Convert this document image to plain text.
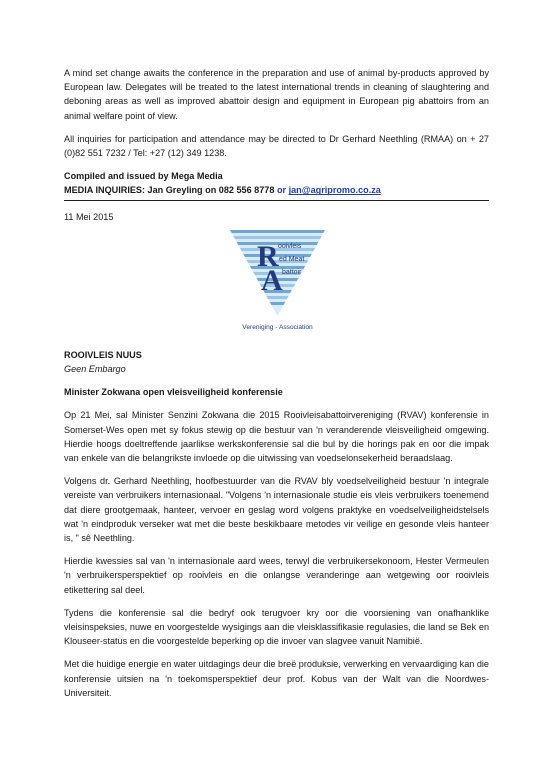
A mind set change awaits the conference in the preparation and use of animal by-products approved by European law. Delegates will be treated to the latest international trends in cleaning of slaughtering and deboning areas as well as improved abattoir design and equipment in European pig abattoirs from an animal welfare point of view.

All inquiries for participation and attendance may be directed to Dr Gerhard Neethling (RMAA) on + 27 (0)82 551 7232 / Tel: +27 (12) 349 1238.

Compiled and issued by Mega Media

MEDIA INQUIRIES: Jan Greyling on 082 556 8778 or jan@agripromo.co.za

11 Mei 2015

R
A
ooivleis
ed Meat
battoir
Vereniging - Association

ROOIVLEIS NUUS

Geen Embargo

Minister Zokwana open vleisveiligheid konferensie

Op 21 Mei, sal Minister Senzini Zokwana die 2015 Rooivleisabattoirvereniging (RVAV) konferensie in Somerset-Wes open met sy fokus stewig op die bestuur van 'n veranderende vleisveiligheid omgewing. Hierdie hoogs doeltreffende jaarlikse werkskonferensie sal die bul by die horings pak en oor die impak van enkele van die belangrikste invloede op die uitwissing van voedselonsekerheid beraadslaag.

Volgens dr. Gerhard Neethling, hoofbestuurder van die RVAV bly voedselveiligheid bestuur 'n integrale vereiste van verbruikers internasionaal. "Volgens 'n internasionale studie eis vleis verbruikers toenemend dat diere grootgemaak, hanteer, vervoer en geslag word volgens praktyke en voedselveiligheidstelsels wat 'n eindproduk verseker wat met die beste beskikbaare metodes vir veilige en gesonde vleis hanteer is, " sê Neethling.

Hierdie kwessies sal van 'n internasionale aard wees, terwyl die verbruikersekonoom, Hester Vermeulen 'n verbruikersperspektief op rooivleis en die onlangse veranderinge aan wetgewing oor rooivleis etikettering sal deel.

Tydens die konferensie sal die bedryf ook terugvoer kry oor die voorsiening van onafhanklike vleisinspeksies, nuwe en voorgestelde wysigings aan die vleisklassifikasie regulasies, die land se Bek en Klouseer-status en die voorgestelde beperking op die invoer van slagvee vanuit Namibië.

Met die huidige energie en water uitdagings deur die breë produksie, verwerking en vervaardiging kan die konferensie uitsien na 'n toekomsperspektief deur prof. Kobus van der Walt van die Noordwes-Universiteit.
